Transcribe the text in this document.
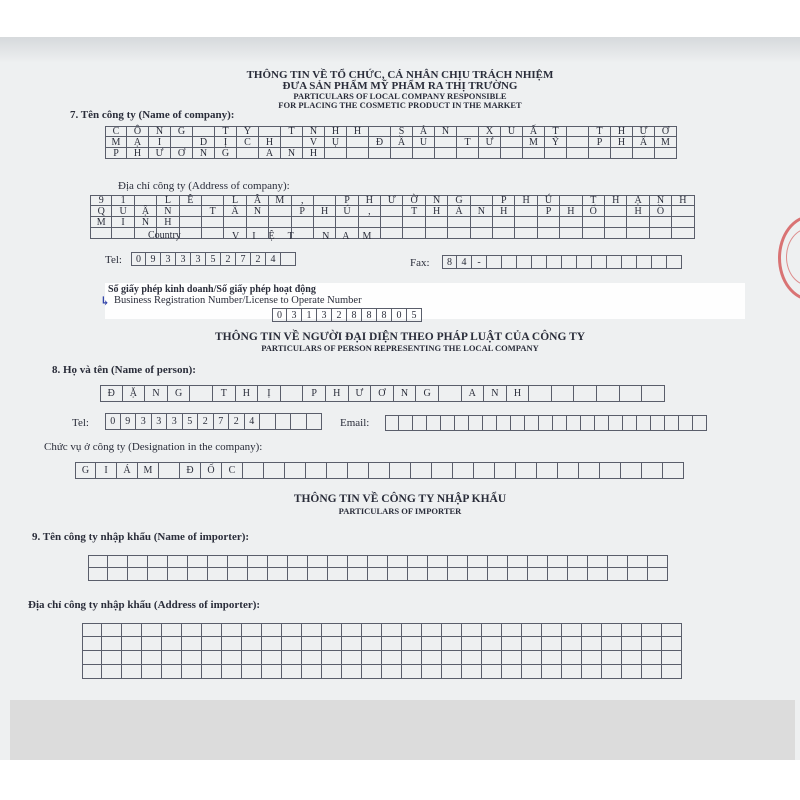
THÔNG TIN VỀ TỔ CHỨC, CÁ NHÂN CHỊU TRÁCH NHIỆM
ĐƯA SẢN PHẨM MỸ PHẨM RA THỊ TRƯỜNG
PARTICULARS OF LOCAL COMPANY RESPONSIBLE
FOR PLACING THE COSMETIC PRODUCT IN THE MARKET
7. Tên công ty (Name of company):
C	Ô	N	G	T	Y	T	N	H	H	S	Ả	N	X	U	Ấ	T	T	H	Ư	Ơ
M	Ạ	I	D	Ị	C	H	V	Ụ	Đ	Ầ	U	T	Ư	M	Ỹ	P	H	Ẩ	M
P	H	Ư	Ơ	N	G	A	N	H
Địa chỉ công ty (Address of company):
9	1	L	Ê	L	Â	M	,	P	H	Ư	Ờ	N	G	P	H	Ú	T	H	Ạ	N	H
Q	U	Ậ	N	T	Â	N	P	H	Ú	,	T	H	À	N	H	P	H	Ố	H	Ồ
M	I	N	H
Country	VIỆT NAM
Tel:	0 9	3	3	3	5	2	7	2	4	Fax:	8 4	-
Số giấy phép kinh doanh/Số giấy phép hoạt động
↳ Business Registration Number/License to Operate Number
0 3	1	3	2	8	8	8	0	5
THÔNG TIN VỀ NGƯỜI ĐẠI DIỆN THEO PHÁP LUẬT CỦA CÔNG TY
PARTICULARS OF PERSON REPRESENTING THE LOCAL COMPANY
8. Họ và tên (Name of person):
Đ	Ặ	N	G	T	H	Ị	P	H	Ư	Ơ	N	G	A	N	H
Tel:	0	9	3	3	3	5	2	7	2	4	Email:
Chức vụ ở công ty (Designation in the company):
G	I	Á	M	Đ	Ố	C
THÔNG TIN VỀ CÔNG TY NHẬP KHẨU
PARTICULARS OF IMPORTER
9. Tên công ty nhập khẩu (Name of importer):
Địa chỉ công ty nhập khẩu (Address of importer):
